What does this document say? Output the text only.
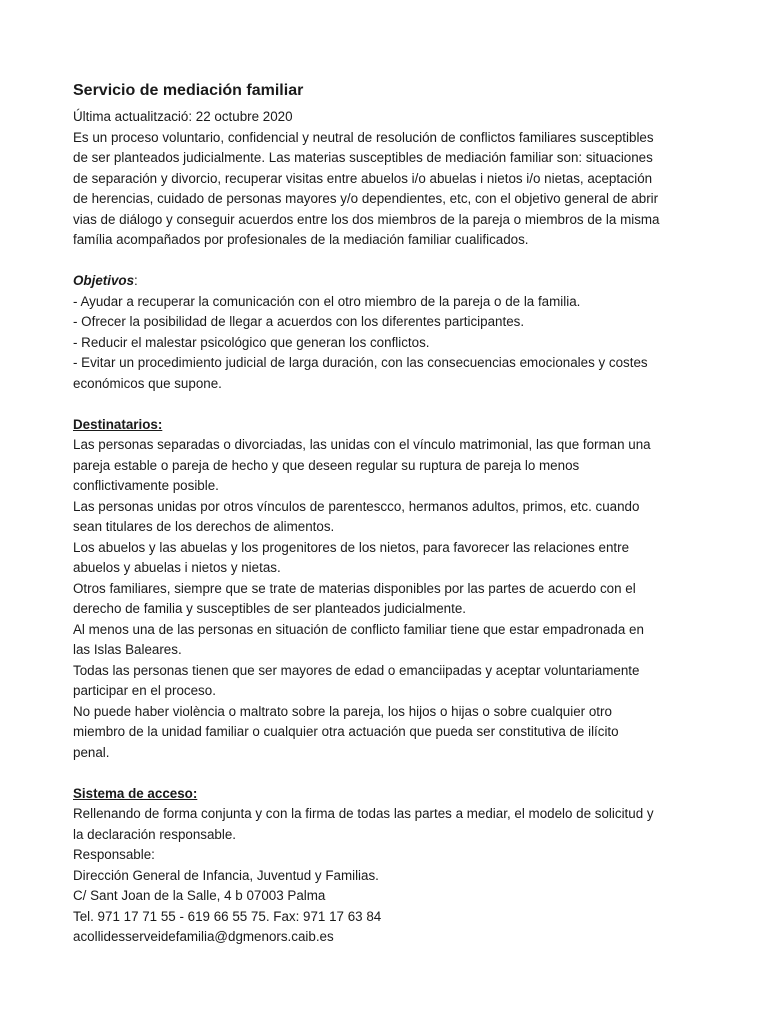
Servicio de mediación familiar
Última actualització: 22 octubre 2020
Es un proceso voluntario, confidencial y neutral de resolución de conflictos familiares susceptibles
de ser planteados judicialmente. Las materias susceptibles de mediación familiar son: situaciones
de separación y divorcio, recuperar visitas entre abuelos i/o abuelas i nietos i/o nietas, aceptación
de herencias, cuidado de personas mayores y/o dependientes, etc, con el objetivo general de abrir
vias de diálogo y conseguir acuerdos entre los dos miembros de la pareja o miembros de la misma
família acompañados por profesionales de la mediación familiar cualificados.
Objetivos:
- Ayudar a recuperar la comunicación con el otro miembro de la pareja o de la familia.
- Ofrecer la posibilidad de llegar a acuerdos con los diferentes participantes.
- Reducir el malestar psicológico que generan los conflictos.
- Evitar un procedimiento judicial de larga duración, con las consecuencias emocionales y costes
económicos que supone.
Destinatarios:
Las personas separadas o divorciadas, las unidas con el vínculo matrimonial, las que forman una
pareja estable o pareja de hecho y que deseen regular su ruptura de pareja lo menos
conflictivamente posible.
Las personas unidas por otros vínculos de parentescco, hermanos adultos, primos, etc. cuando
sean titulares de los derechos de alimentos.
Los abuelos y las abuelas y los progenitores de los nietos, para favorecer las relaciones entre
abuelos y abuelas i nietos y nietas.
Otros familiares, siempre que se trate de materias disponibles por las partes de acuerdo con el
derecho de familia y susceptibles de ser planteados judicialmente.
Al menos una de las personas en situación de conflicto familiar tiene que estar empadronada en
las Islas Baleares.
Todas las personas tienen que ser mayores de edad o emanciipadas y aceptar voluntariamente
participar en el proceso.
No puede haber violència o maltrato sobre la pareja, los hijos o hijas o sobre cualquier otro
miembro de la unidad familiar o cualquier otra actuación que pueda ser constitutiva de ilícito
penal.
Sistema de acceso:
Rellenando de forma conjunta y con la firma de todas las partes a mediar, el modelo de solicitud y
la declaración responsable.
Responsable:
Dirección General de Infancia, Juventud y Familias.
C/ Sant Joan de la Salle, 4 b 07003 Palma
Tel. 971 17 71 55 - 619 66 55 75. Fax: 971 17 63 84
acollidesserveidefamilia@dgmenors.caib.es
